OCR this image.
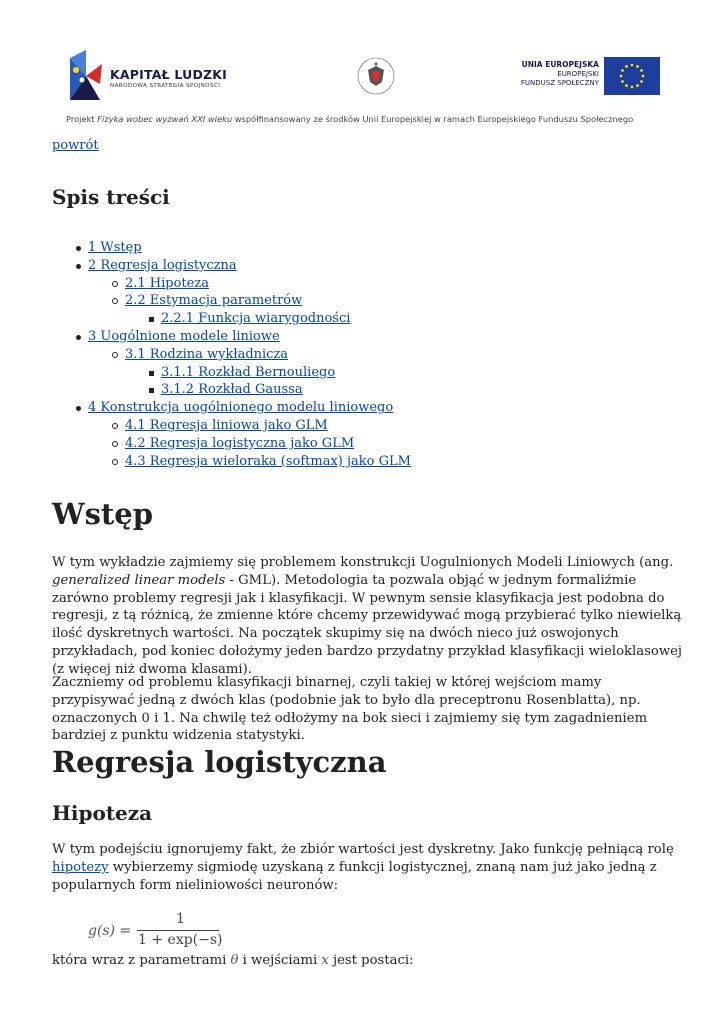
KAPITAŁ LUDZKI
NARODOWA STRATEGIA SPÓJNOŚCI
UNIA EUROPEJSKA
EUROPEJSKI
FUNDUSZ SPOŁECZNY
Projekt Fizyka wobec wyzwań XXI wieku współfinansowany ze środków Unii Europejskiej w ramach Europejskiego Funduszu Społecznego
powrót
Spis treści
1 Wstęp
2 Regresja logistyczna
2.1 Hipoteza
2.2 Estymacja parametrów
2.2.1 Funkcja wiarygodności
3 Uogólnione modele liniowe
3.1 Rodzina wykładnicza
3.1.1 Rozkład Bernouliego
3.1.2 Rozkład Gaussa
4 Konstrukcja uogólnionego modelu liniowego
4.1 Regresja liniowa jako GLM
4.2 Regresja logistyczna jako GLM
4.3 Regresja wieloraka (softmax) jako GLM
Wstęp

W tym wykładzie zajmiemy się problemem konstrukcji Uogulnionych Modeli Liniowych (ang. generalized linear models - GML). Metodologia ta pozwala objąć w jednym formaliźmie zarówno problemy regresji jak i klasyfikacji. W pewnym sensie klasyfikacja jest podobna do regresji, z tą różnicą, że zmienne które chcemy przewidywać mogą przybierać tylko niewielką ilość dyskretnych wartości. Na początek skupimy się na dwóch nieco już oswojonych przykładach, pod koniec dołożymy jeden bardzo przydatny przykład klasyfikacji wieloklasowej (z więcej niż dwoma klasami).

Zaczniemy od problemu klasyfikacji binarnej, czyli takiej w której wejściom mamy przypisywać jedną z dwóch klas (podobnie jak to było dla preceptronu Rosenblatta), np. oznaczonych 0 i 1. Na chwilę też odłożymy na bok sieci i zajmiemy się tym zagadnieniem bardziej z punktu widzenia statystyki.

Regresja logistyczna
Hipoteza

W tym podejściu ignorujemy fakt, że zbiór wartości jest dyskretny. Jako funkcję pełniącą rolę hipotezy wybierzemy sigmiodę uzyskaną z funkcji logistycznej, znaną nam już jako jedną z popularnych form nieliniowości neuronów:

g(s) =
1
1 + exp(−s)

która wraz z parametrami θ i wejściami x jest postaci:
